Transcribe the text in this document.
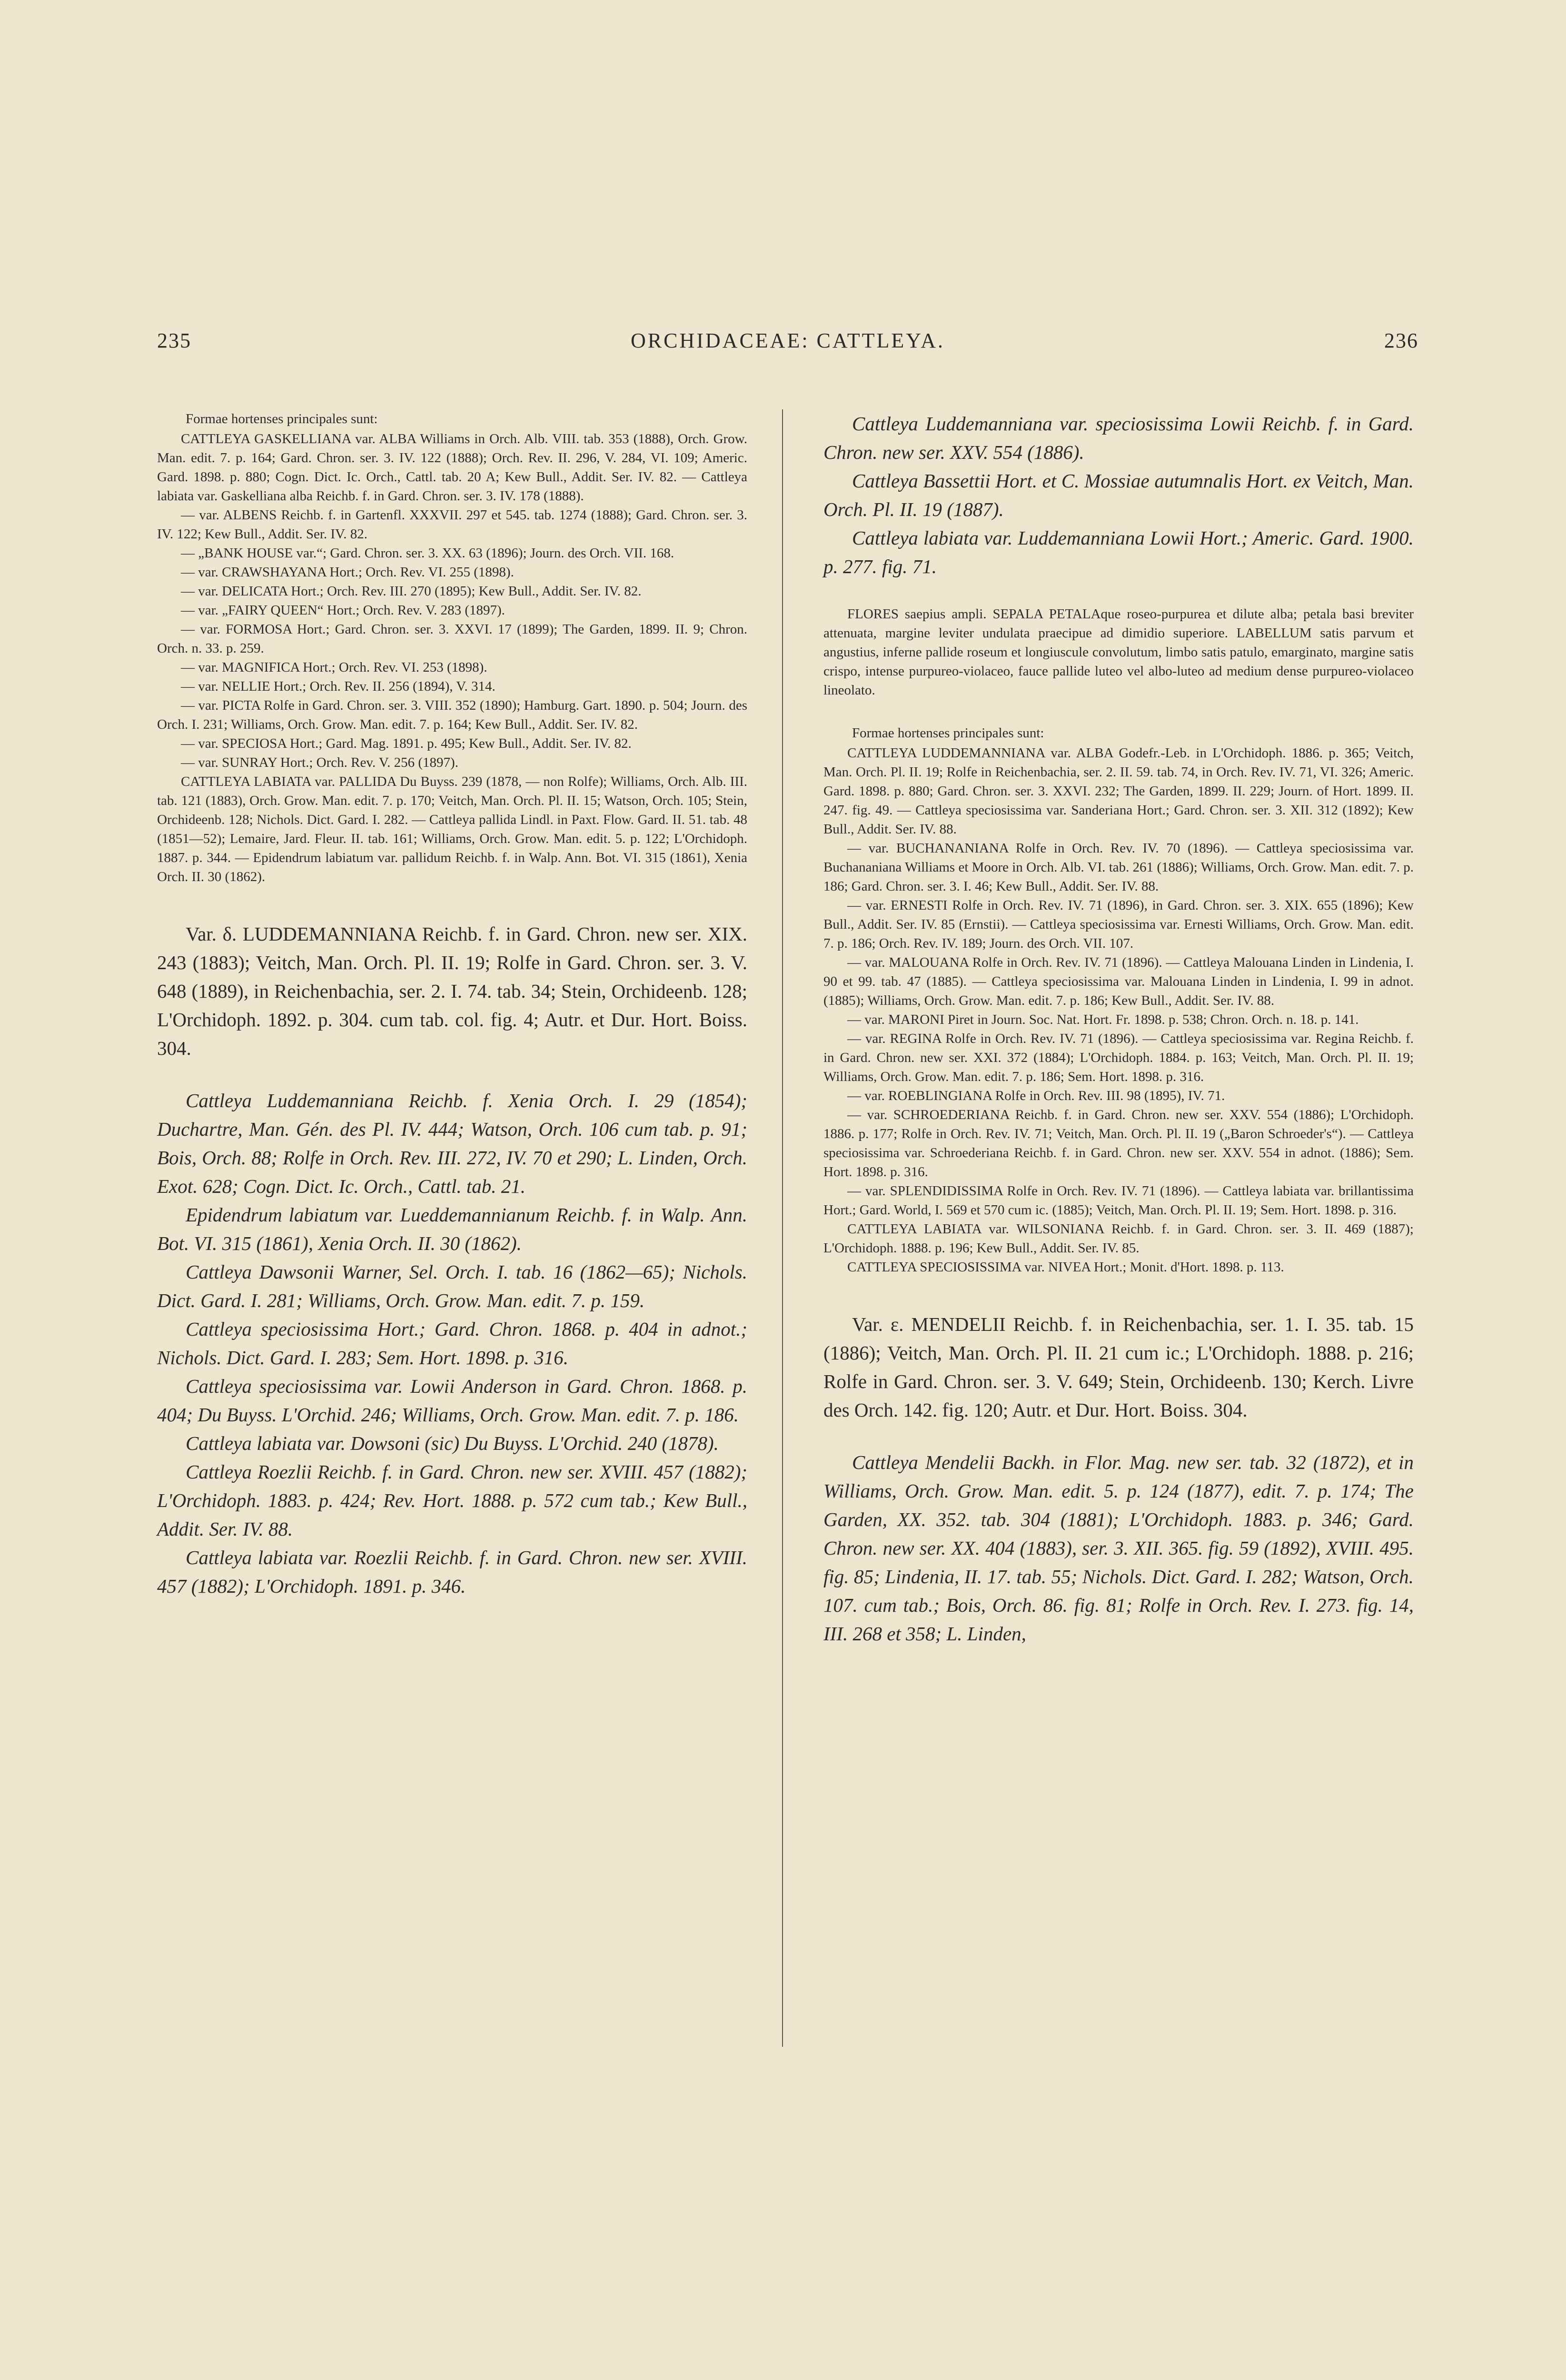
235	ORCHIDACEAE: CATTLEYA.	236

Formae hortenses principales sunt:

CATTLEYA GASKELLIANA var. ALBA Williams in Orch. Alb. VIII. tab. 353 (1888), Orch. Grow. Man. edit. 7. p. 164; Gard. Chron. ser. 3. IV. 122 (1888); Orch. Rev. II. 296, V. 284, VI. 109; Americ. Gard. 1898. p. 880; Cogn. Dict. Ic. Orch., Cattl. tab. 20 A; Kew Bull., Addit. Ser. IV. 82. — Cattleya labiata var. Gaskelliana alba Reichb. f. in Gard. Chron. ser. 3. IV. 178 (1888).

— var. ALBENS Reichb. f. in Gartenfl. XXXVII. 297 et 545. tab. 1274 (1888); Gard. Chron. ser. 3. IV. 122; Kew Bull., Addit. Ser. IV. 82.

— „BANK HOUSE var.“; Gard. Chron. ser. 3. XX. 63 (1896); Journ. des Orch. VII. 168.

— var. CRAWSHAYANA Hort.; Orch. Rev. VI. 255 (1898).

— var. DELICATA Hort.; Orch. Rev. III. 270 (1895); Kew Bull., Addit. Ser. IV. 82.

— var. „FAIRY QUEEN“ Hort.; Orch. Rev. V. 283 (1897).

— var. FORMOSA Hort.; Gard. Chron. ser. 3. XXVI. 17 (1899); The Garden, 1899. II. 9; Chron. Orch. n. 33. p. 259.

— var. MAGNIFICA Hort.; Orch. Rev. VI. 253 (1898).

— var. NELLIE Hort.; Orch. Rev. II. 256 (1894), V. 314.

— var. PICTA Rolfe in Gard. Chron. ser. 3. VIII. 352 (1890); Hamburg. Gart. 1890. p. 504; Journ. des Orch. I. 231; Williams, Orch. Grow. Man. edit. 7. p. 164; Kew Bull., Addit. Ser. IV. 82.

— var. SPECIOSA Hort.; Gard. Mag. 1891. p. 495; Kew Bull., Addit. Ser. IV. 82.

— var. SUNRAY Hort.; Orch. Rev. V. 256 (1897).

CATTLEYA LABIATA var. PALLIDA Du Buyss. 239 (1878, — non Rolfe); Williams, Orch. Alb. III. tab. 121 (1883), Orch. Grow. Man. edit. 7. p. 170; Veitch, Man. Orch. Pl. II. 15; Watson, Orch. 105; Stein, Orchideenb. 128; Nichols. Dict. Gard. I. 282. — Cattleya pallida Lindl. in Paxt. Flow. Gard. II. 51. tab. 48 (1851—52); Lemaire, Jard. Fleur. II. tab. 161; Williams, Orch. Grow. Man. edit. 5. p. 122; L'Orchidoph. 1887. p. 344. — Epidendrum labiatum var. pallidum Reichb. f. in Walp. Ann. Bot. VI. 315 (1861), Xenia Orch. II. 30 (1862).

Var. δ. LUDDEMANNIANA Reichb. f. in Gard. Chron. new ser. XIX. 243 (1883); Veitch, Man. Orch. Pl. II. 19; Rolfe in Gard. Chron. ser. 3. V. 648 (1889), in Reichenbachia, ser. 2. I. 74. tab. 34; Stein, Orchideenb. 128; L'Orchidoph. 1892. p. 304. cum tab. col. fig. 4; Autr. et Dur. Hort. Boiss. 304.

Cattleya Luddemanniana Reichb. f. Xenia Orch. I. 29 (1854); Duchartre, Man. Gén. des Pl. IV. 444; Watson, Orch. 106 cum tab. p. 91; Bois, Orch. 88; Rolfe in Orch. Rev. III. 272, IV. 70 et 290; L. Linden, Orch. Exot. 628; Cogn. Dict. Ic. Orch., Cattl. tab. 21.

Epidendrum labiatum var. Lueddemannianum Reichb. f. in Walp. Ann. Bot. VI. 315 (1861), Xenia Orch. II. 30 (1862).

Cattleya Dawsonii Warner, Sel. Orch. I. tab. 16 (1862—65); Nichols. Dict. Gard. I. 281; Williams, Orch. Grow. Man. edit. 7. p. 159.

Cattleya speciosissima Hort.; Gard. Chron. 1868. p. 404 in adnot.; Nichols. Dict. Gard. I. 283; Sem. Hort. 1898. p. 316.

Cattleya speciosissima var. Lowii Anderson in Gard. Chron. 1868. p. 404; Du Buyss. L'Orchid. 246; Williams, Orch. Grow. Man. edit. 7. p. 186.

Cattleya labiata var. Dowsoni (sic) Du Buyss. L'Orchid. 240 (1878).

Cattleya Roezlii Reichb. f. in Gard. Chron. new ser. XVIII. 457 (1882); L'Orchidoph. 1883. p. 424; Rev. Hort. 1888. p. 572 cum tab.; Kew Bull., Addit. Ser. IV. 88.

Cattleya labiata var. Roezlii Reichb. f. in Gard. Chron. new ser. XVIII. 457 (1882); L'Orchidoph. 1891. p. 346.

Cattleya Luddemanniana var. speciosissima Lowii Reichb. f. in Gard. Chron. new ser. XXV. 554 (1886).

Cattleya Bassettii Hort. et C. Mossiae autumnalis Hort. ex Veitch, Man. Orch. Pl. II. 19 (1887).

Cattleya labiata var. Luddemanniana Lowii Hort.; Americ. Gard. 1900. p. 277. fig. 71.

FLORES saepius ampli. SEPALA PETALAque roseo-purpurea et dilute alba; petala basi breviter attenuata, margine leviter undulata praecipue ad dimidio superiore. LABELLUM satis parvum et angustius, inferne pallide roseum et longiuscule convolutum, limbo satis patulo, emarginato, margine satis crispo, intense purpureo-violaceo, fauce pallide luteo vel albo-luteo ad medium dense purpureo-violaceo lineolato.

Formae hortenses principales sunt:

CATTLEYA LUDDEMANNIANA var. ALBA Godefr.-Leb. in L'Orchidoph. 1886. p. 365; Veitch, Man. Orch. Pl. II. 19; Rolfe in Reichenbachia, ser. 2. II. 59. tab. 74, in Orch. Rev. IV. 71, VI. 326; Americ. Gard. 1898. p. 880; Gard. Chron. ser. 3. XXVI. 232; The Garden, 1899. II. 229; Journ. of Hort. 1899. II. 247. fig. 49. — Cattleya speciosissima var. Sanderiana Hort.; Gard. Chron. ser. 3. XII. 312 (1892); Kew Bull., Addit. Ser. IV. 88.

— var. BUCHANANIANA Rolfe in Orch. Rev. IV. 70 (1896). — Cattleya speciosissima var. Buchananiana Williams et Moore in Orch. Alb. VI. tab. 261 (1886); Williams, Orch. Grow. Man. edit. 7. p. 186; Gard. Chron. ser. 3. I. 46; Kew Bull., Addit. Ser. IV. 88.

— var. ERNESTI Rolfe in Orch. Rev. IV. 71 (1896), in Gard. Chron. ser. 3. XIX. 655 (1896); Kew Bull., Addit. Ser. IV. 85 (Ernstii). — Cattleya speciosissima var. Ernesti Williams, Orch. Grow. Man. edit. 7. p. 186; Orch. Rev. IV. 189; Journ. des Orch. VII. 107.

— var. MALOUANA Rolfe in Orch. Rev. IV. 71 (1896). — Cattleya Malouana Linden in Lindenia, I. 90 et 99. tab. 47 (1885). — Cattleya speciosissima var. Malouana Linden in Lindenia, I. 99 in adnot. (1885); Williams, Orch. Grow. Man. edit. 7. p. 186; Kew Bull., Addit. Ser. IV. 88.

— var. MARONI Piret in Journ. Soc. Nat. Hort. Fr. 1898. p. 538; Chron. Orch. n. 18. p. 141.

— var. REGINA Rolfe in Orch. Rev. IV. 71 (1896). — Cattleya speciosissima var. Regina Reichb. f. in Gard. Chron. new ser. XXI. 372 (1884); L'Orchidoph. 1884. p. 163; Veitch, Man. Orch. Pl. II. 19; Williams, Orch. Grow. Man. edit. 7. p. 186; Sem. Hort. 1898. p. 316.

— var. ROEBLINGIANA Rolfe in Orch. Rev. III. 98 (1895), IV. 71.

— var. SCHROEDERIANA Reichb. f. in Gard. Chron. new ser. XXV. 554 (1886); L'Orchidoph. 1886. p. 177; Rolfe in Orch. Rev. IV. 71; Veitch, Man. Orch. Pl. II. 19 („Baron Schroeder's“). — Cattleya speciosissima var. Schroederiana Reichb. f. in Gard. Chron. new ser. XXV. 554 in adnot. (1886); Sem. Hort. 1898. p. 316.

— var. SPLENDIDISSIMA Rolfe in Orch. Rev. IV. 71 (1896). — Cattleya labiata var. brillantissima Hort.; Gard. World, I. 569 et 570 cum ic. (1885); Veitch, Man. Orch. Pl. II. 19; Sem. Hort. 1898. p. 316.

CATTLEYA LABIATA var. WILSONIANA Reichb. f. in Gard. Chron. ser. 3. II. 469 (1887); L'Orchidoph. 1888. p. 196; Kew Bull., Addit. Ser. IV. 85.

CATTLEYA SPECIOSISSIMA var. NIVEA Hort.; Monit. d'Hort. 1898. p. 113.

Var. ε. MENDELII Reichb. f. in Reichenbachia, ser. 1. I. 35. tab. 15 (1886); Veitch, Man. Orch. Pl. II. 21 cum ic.; L'Orchidoph. 1888. p. 216; Rolfe in Gard. Chron. ser. 3. V. 649; Stein, Orchideenb. 130; Kerch. Livre des Orch. 142. fig. 120; Autr. et Dur. Hort. Boiss. 304.

Cattleya Mendelii Backh. in Flor. Mag. new ser. tab. 32 (1872), et in Williams, Orch. Grow. Man. edit. 5. p. 124 (1877), edit. 7. p. 174; The Garden, XX. 352. tab. 304 (1881); L'Orchidoph. 1883. p. 346; Gard. Chron. new ser. XX. 404 (1883), ser. 3. XII. 365. fig. 59 (1892), XVIII. 495. fig. 85; Lindenia, II. 17. tab. 55; Nichols. Dict. Gard. I. 282; Watson, Orch. 107. cum tab.; Bois, Orch. 86. fig. 81; Rolfe in Orch. Rev. I. 273. fig. 14, III. 268 et 358; L. Linden,
